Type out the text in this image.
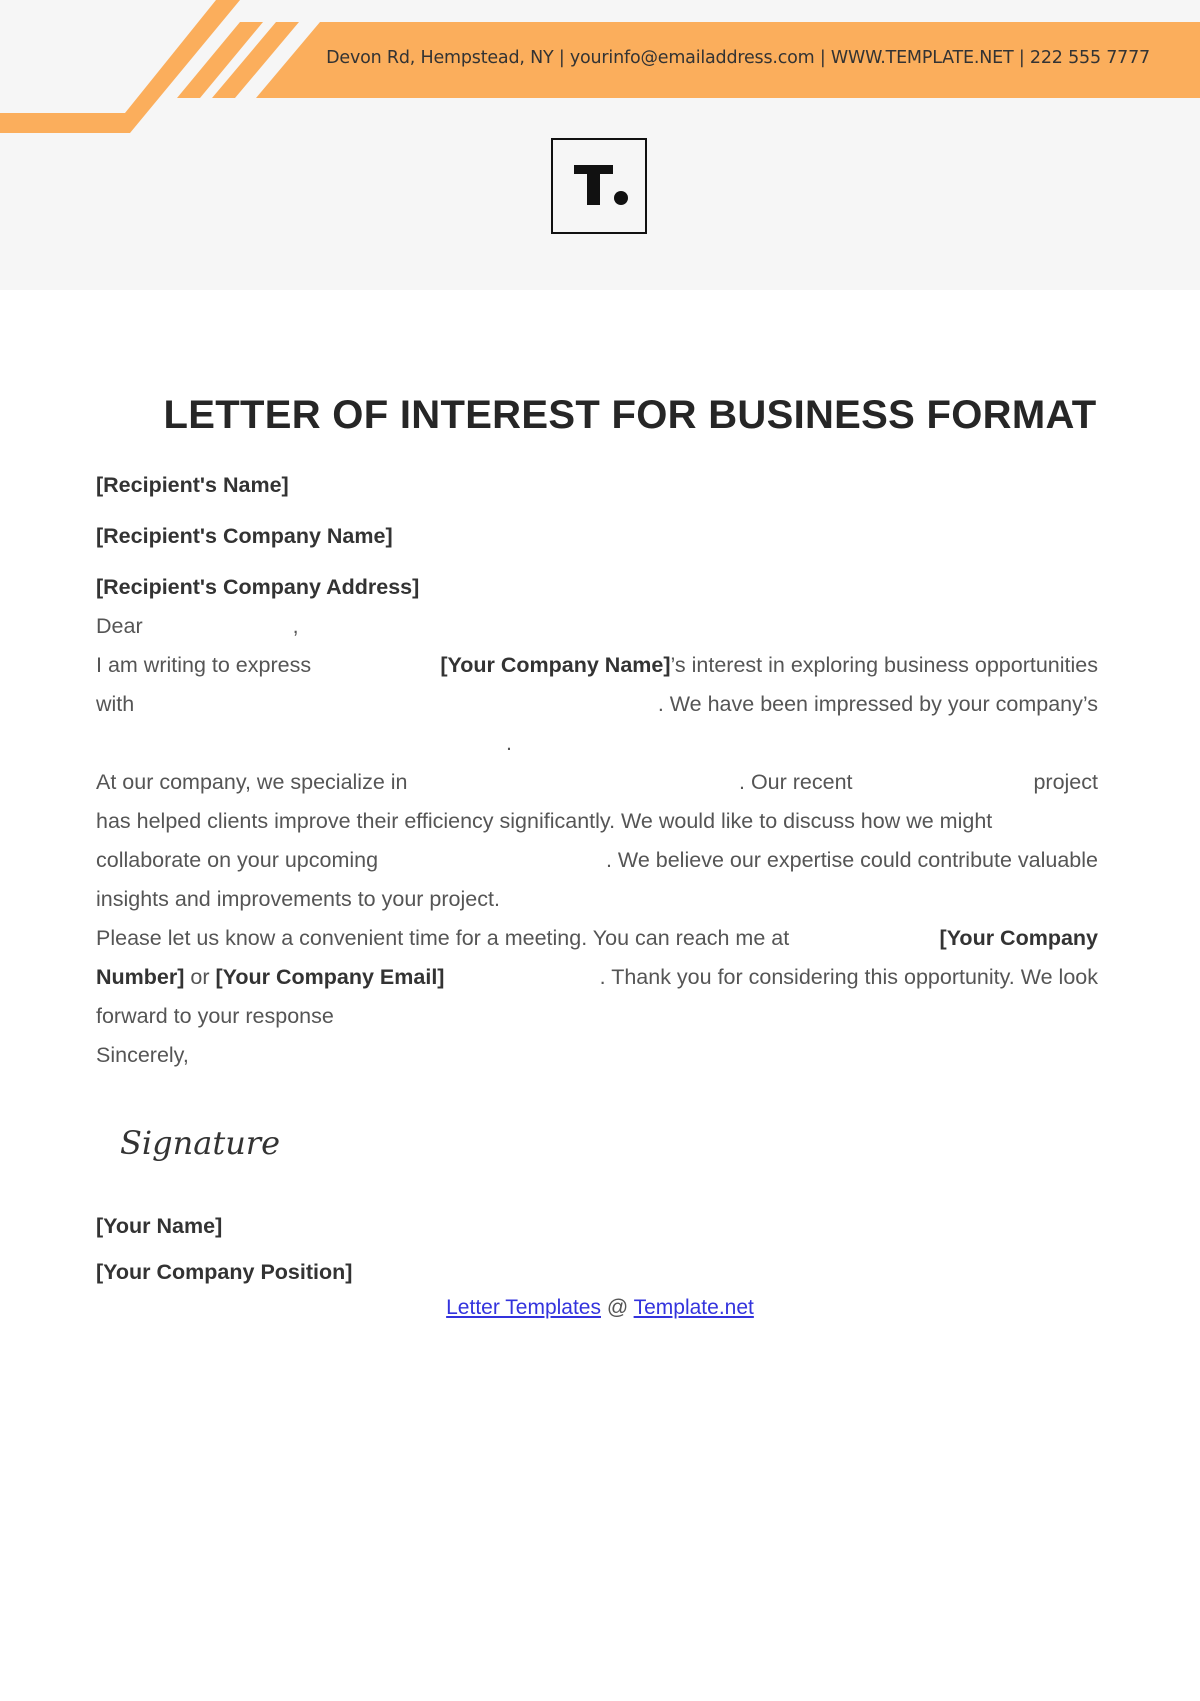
Devon Rd, Hempstead, NY | yourinfo@emailaddress.com | WWW.TEMPLATE.NET | 222 555 7777
LETTER OF INTEREST FOR BUSINESS FORMAT
[Recipient's Name]
[Recipient's Company Name]
[Recipient's Company Address]
Dear	,
I am writing to express	[Your Company Name]’s interest in exploring business opportunities
with	. We have been impressed by your company’s
.
At our company, we specialize in	. Our recent	project
has helped clients improve their efficiency significantly. We would like to discuss how we might
collaborate on your upcoming	. We believe our expertise could contribute valuable
insights and improvements to your project.
Please let us know a convenient time for a meeting. You can reach me at	[Your Company
Number] or [Your Company Email]	. Thank you for considering this opportunity. We look
forward to your response
Sincerely,
Signature
[Your Name]
[Your Company Position]
Letter Templates @ Template.net
